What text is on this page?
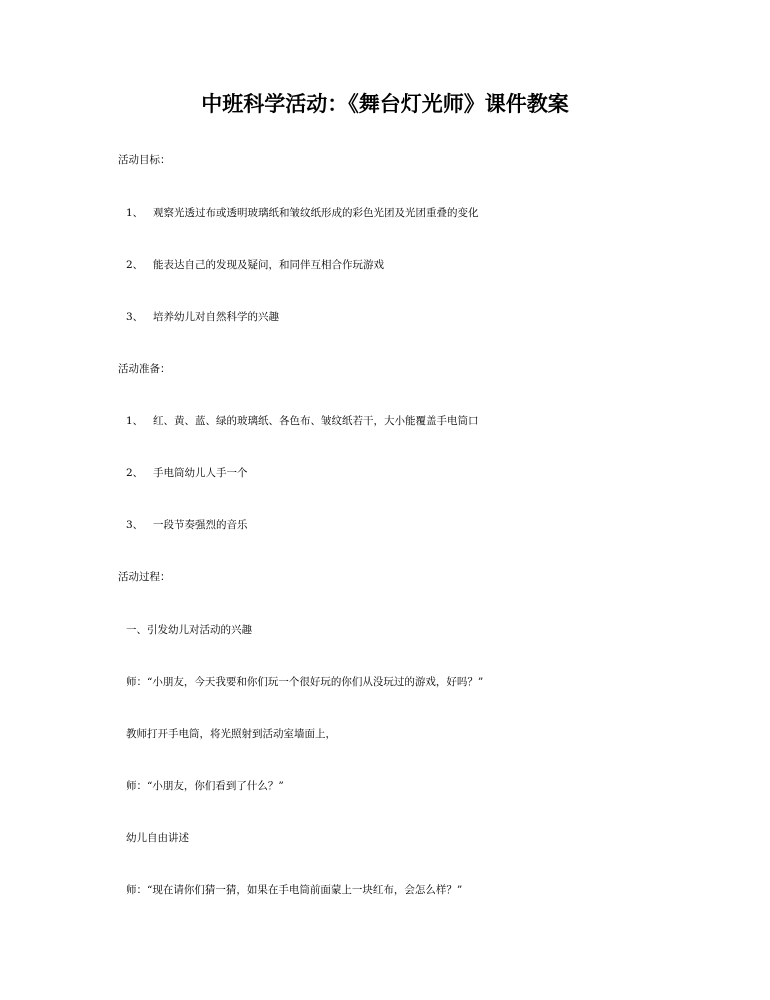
中班科学活动：《舞台灯光师》课件教案
活动目标：
1、 观察光透过布或透明玻璃纸和皱纹纸形成的彩色光团及光团重叠的变化
2、 能表达自己的发现及疑问，和同伴互相合作玩游戏
3、 培养幼儿对自然科学的兴趣
活动准备：
1、 红、黄、蓝、绿的玻璃纸、各色布、皱纹纸若干，大小能覆盖手电筒口
2、 手电筒幼儿人手一个
3、 一段节奏强烈的音乐
活动过程：
一、引发幼儿对活动的兴趣
师：“小朋友，今天我要和你们玩一个很好玩的你们从没玩过的游戏，好吗？”
教师打开手电筒，将光照射到活动室墙面上，
师：“小朋友，你们看到了什么？”
幼儿自由讲述
师：“现在请你们猜一猜，如果在手电筒前面蒙上一块红布，会怎么样？”
